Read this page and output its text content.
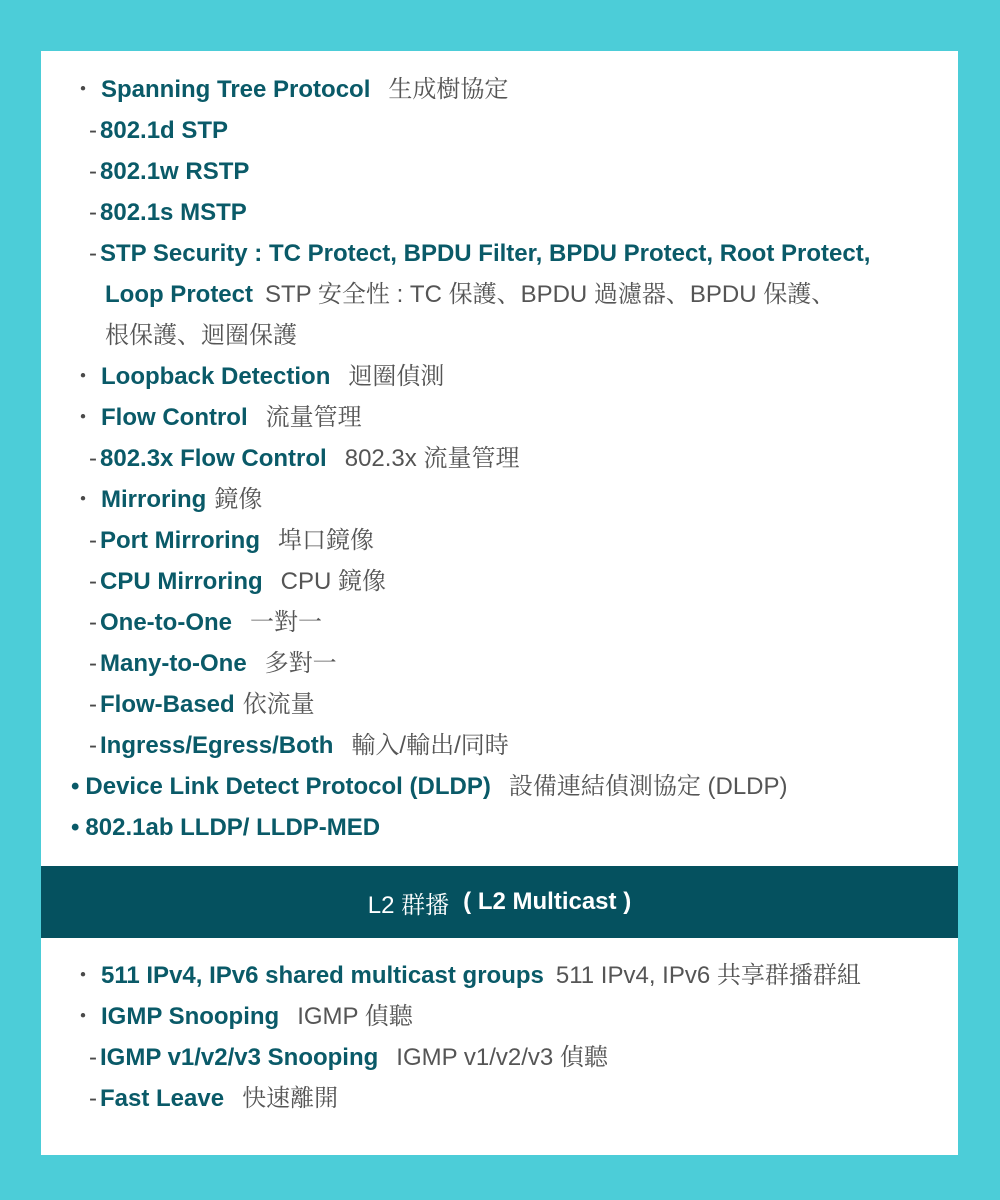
・ Spanning Tree Protocol 生成樹協定
- 802.1d STP
- 802.1w RSTP
- 802.1s MSTP
- STP Security : TC Protect, BPDU Filter, BPDU Protect, Root Protect,
Loop Protect STP 安全性 : TC 保護、BPDU 過濾器、BPDU 保護、
根保護、迴圈保護
・ Loopback Detection 迴圈偵測
・ Flow Control 流量管理
- 802.3x Flow Control 802.3x 流量管理
・ Mirroring 鏡像
- Port Mirroring 埠口鏡像
- CPU Mirroring CPU 鏡像
- One-to-One 一對一
- Many-to-One 多對一
- Flow-Based 依流量
- Ingress/Egress/Both 輸入/輸出/同時
• Device Link Detect Protocol (DLDP) 設備連結偵測協定 (DLDP)
• 802.1ab LLDP/ LLDP-MED
L2 群播 ( L2 Multicast )
・ 511 IPv4, IPv6 shared multicast groups 511 IPv4, IPv6 共享群播群組
・ IGMP Snooping IGMP 偵聽
- IGMP v1/v2/v3 Snooping IGMP v1/v2/v3 偵聽
- Fast Leave 快速離開
